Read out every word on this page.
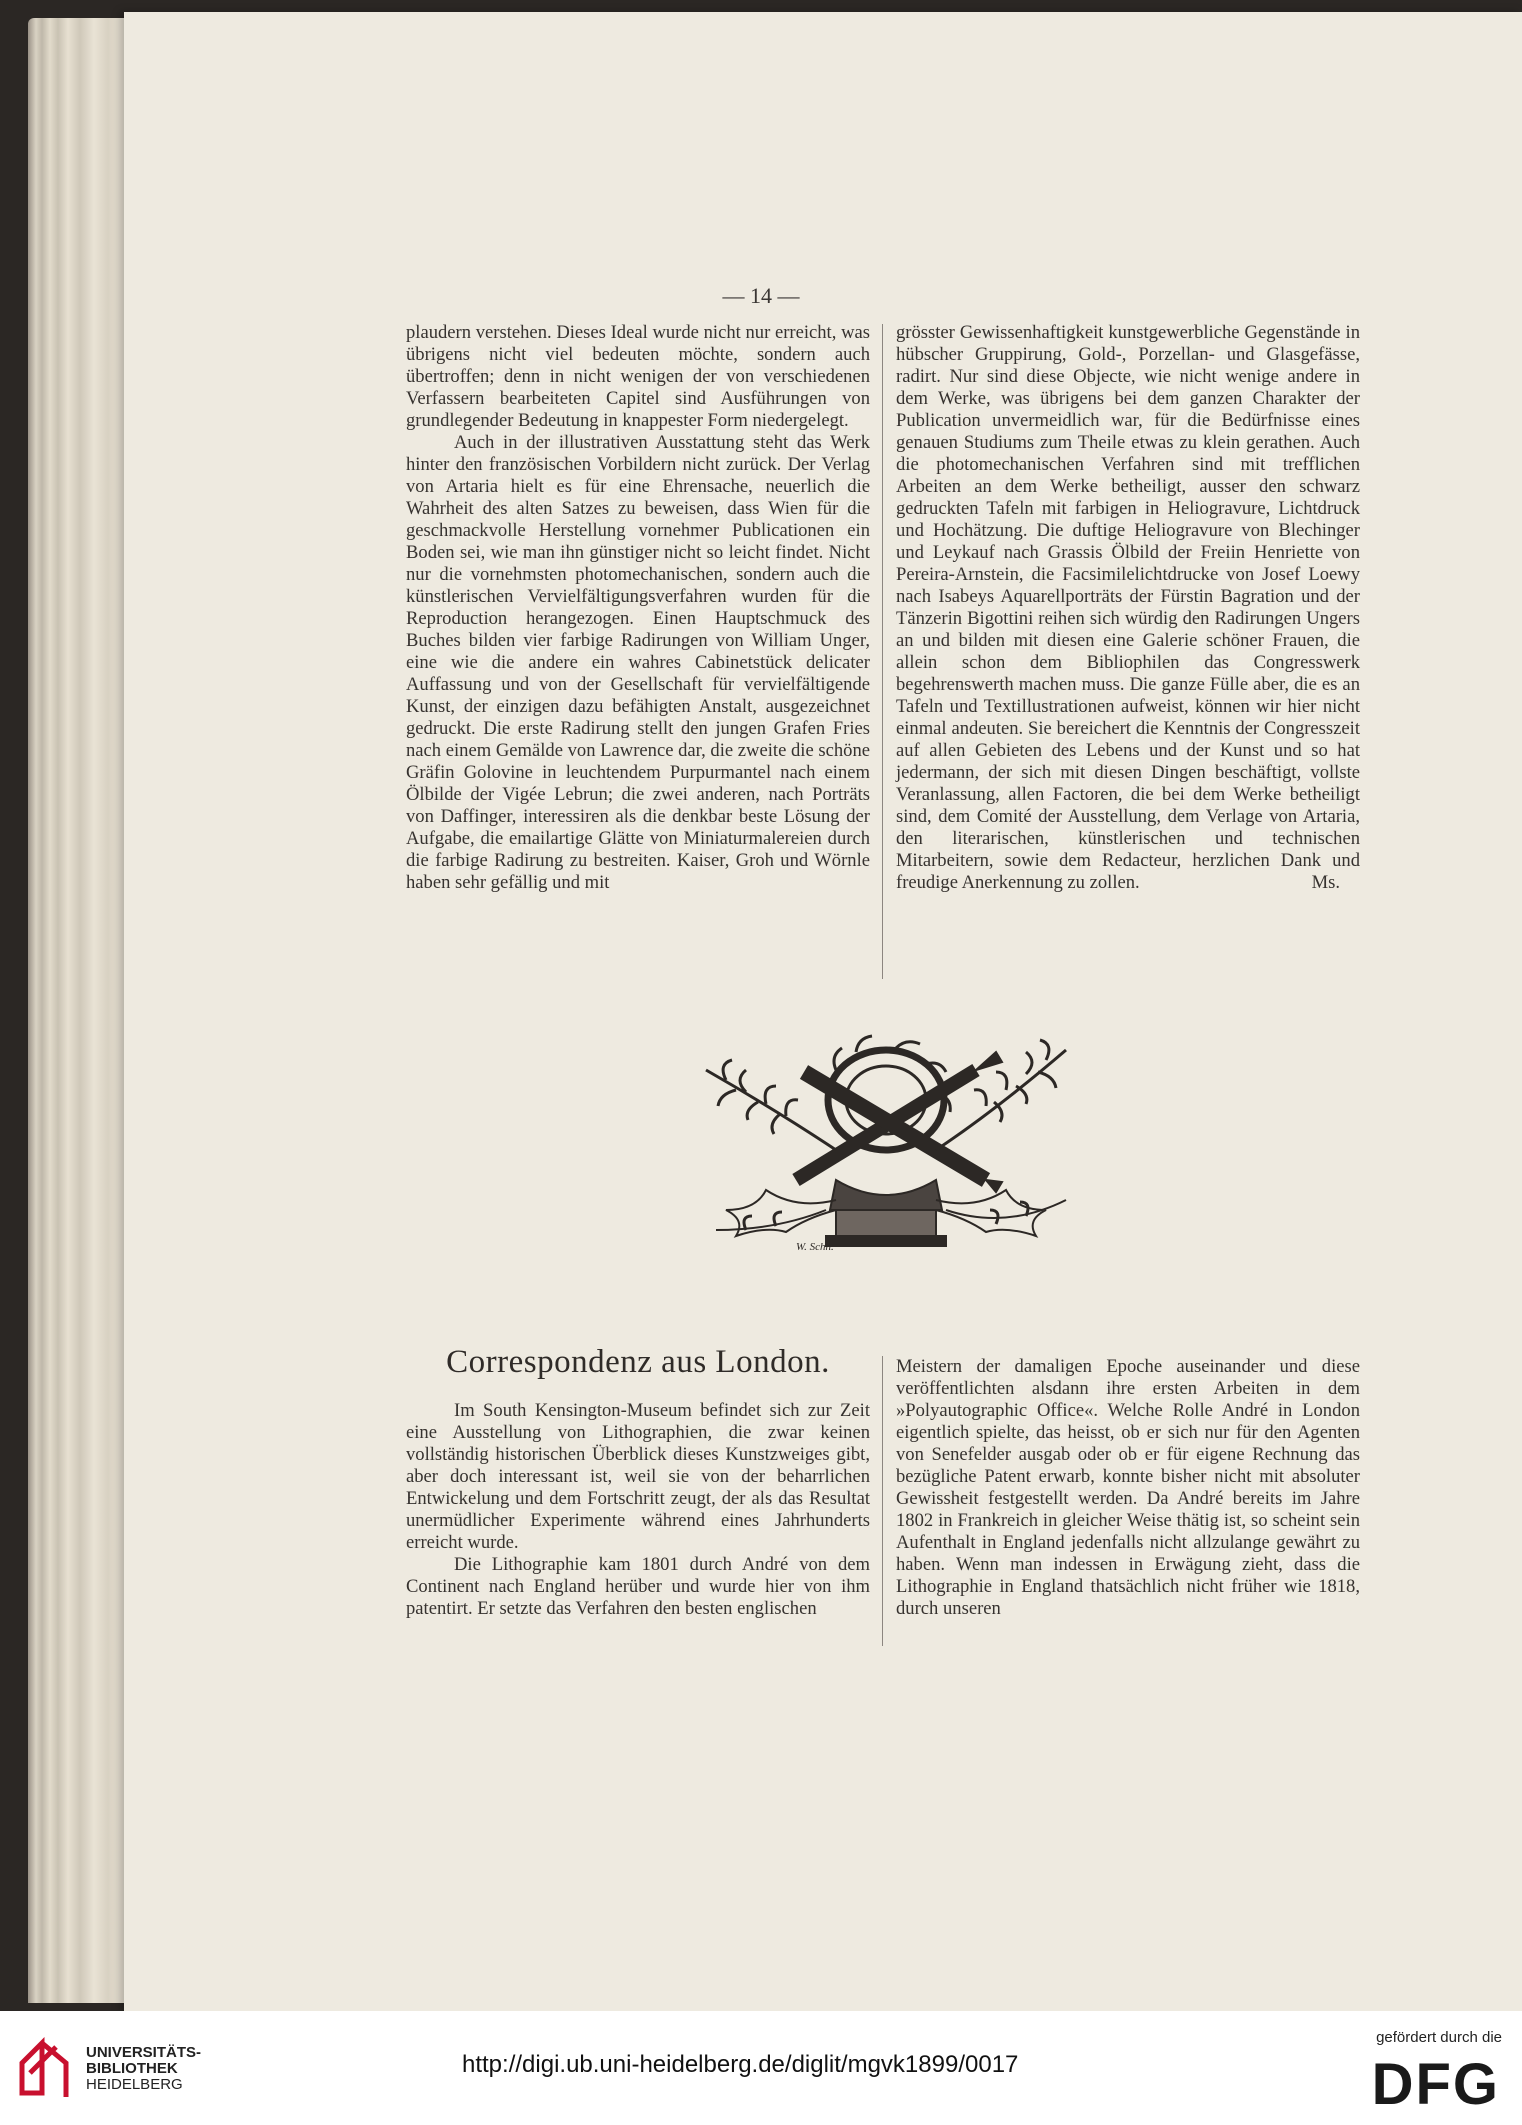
— 14 —

plaudern verstehen. Dieses Ideal wurde nicht nur erreicht, was übrigens nicht viel bedeuten möchte, sondern auch übertroffen; denn in nicht wenigen der von verschiedenen Verfassern bearbeiteten Capitel sind Ausführungen von grundlegender Bedeutung in knappester Form niedergelegt.

Auch in der illustrativen Ausstattung steht das Werk hinter den französischen Vorbildern nicht zurück. Der Verlag von Artaria hielt es für eine Ehrensache, neuerlich die Wahrheit des alten Satzes zu beweisen, dass Wien für die geschmackvolle Herstellung vornehmer Publicationen ein Boden sei, wie man ihn günstiger nicht so leicht findet. Nicht nur die vornehmsten photomechanischen, sondern auch die künstlerischen Vervielfältigungsverfahren wurden für die Reproduction herangezogen. Einen Hauptschmuck des Buches bilden vier farbige Radirungen von William Unger, eine wie die andere ein wahres Cabinetstück delicater Auffassung und von der Gesellschaft für vervielfältigende Kunst, der einzigen dazu befähigten Anstalt, ausgezeichnet gedruckt. Die erste Radirung stellt den jungen Grafen Fries nach einem Gemälde von Lawrence dar, die zweite die schöne Gräfin Golovine in leuchtendem Purpurmantel nach einem Ölbilde der Vigée Lebrun; die zwei anderen, nach Porträts von Daffinger, interessiren als die denkbar beste Lösung der Aufgabe, die emailartige Glätte von Miniaturmalereien durch die farbige Radirung zu bestreiten. Kaiser, Groh und Wörnle haben sehr gefällig und mit

grösster Gewissenhaftigkeit kunstgewerbliche Gegenstände in hübscher Gruppirung, Gold-, Porzellan- und Glasgefässe, radirt. Nur sind diese Objecte, wie nicht wenige andere in dem Werke, was übrigens bei dem ganzen Charakter der Publication unvermeidlich war, für die Bedürfnisse eines genauen Studiums zum Theile etwas zu klein gerathen. Auch die photomechanischen Verfahren sind mit trefflichen Arbeiten an dem Werke betheiligt, ausser den schwarz gedruckten Tafeln mit farbigen in Heliogravure, Lichtdruck und Hochätzung. Die duftige Heliogravure von Blechinger und Leykauf nach Grassis Ölbild der Freiin Henriette von Pereira-Arnstein, die Facsimilelichtdrucke von Josef Loewy nach Isabeys Aquarellporträts der Fürstin Bagration und der Tänzerin Bigottini reihen sich würdig den Radirungen Ungers an und bilden mit diesen eine Galerie schöner Frauen, die allein schon dem Bibliophilen das Congresswerk begehrenswerth machen muss. Die ganze Fülle aber, die es an Tafeln und Textillustrationen aufweist, können wir hier nicht einmal andeuten. Sie bereichert die Kenntnis der Congresszeit auf allen Gebieten des Lebens und der Kunst und so hat jedermann, der sich mit diesen Dingen beschäftigt, vollste Veranlassung, allen Factoren, die bei dem Werke betheiligt sind, dem Comité der Ausstellung, dem Verlage von Artaria, den literarischen, künstlerischen und technischen Mitarbeitern, sowie dem Redacteur, herzlichen Dank und freudige Anerkennung zu zollen.	Ms.

W. Schn.
Correspondenz aus London.

Im South Kensington-Museum befindet sich zur Zeit eine Ausstellung von Lithographien, die zwar keinen vollständig historischen Überblick dieses Kunstzweiges gibt, aber doch interessant ist, weil sie von der beharrlichen Entwickelung und dem Fortschritt zeugt, der als das Resultat unermüdlicher Experimente während eines Jahrhunderts erreicht wurde.

Die Lithographie kam 1801 durch André von dem Continent nach England herüber und wurde hier von ihm patentirt. Er setzte das Verfahren den besten englischen

Meistern der damaligen Epoche auseinander und diese veröffentlichten alsdann ihre ersten Arbeiten in dem »Polyautographic Office«. Welche Rolle André in London eigentlich spielte, das heisst, ob er sich nur für den Agenten von Senefelder ausgab oder ob er für eigene Rechnung das bezügliche Patent erwarb, konnte bisher nicht mit absoluter Gewissheit festgestellt werden. Da André bereits im Jahre 1802 in Frankreich in gleicher Weise thätig ist, so scheint sein Aufenthalt in England jedenfalls nicht allzulange gewährt zu haben. Wenn man indessen in Erwägung zieht, dass die Lithographie in England thatsächlich nicht früher wie 1818, durch unseren

UNIVERSITÄTS-
BIBLIOTHEK
HEIDELBERG
http://digi.ub.uni-heidelberg.de/diglit/mgvk1899/0017
gefördert durch die
DFG
